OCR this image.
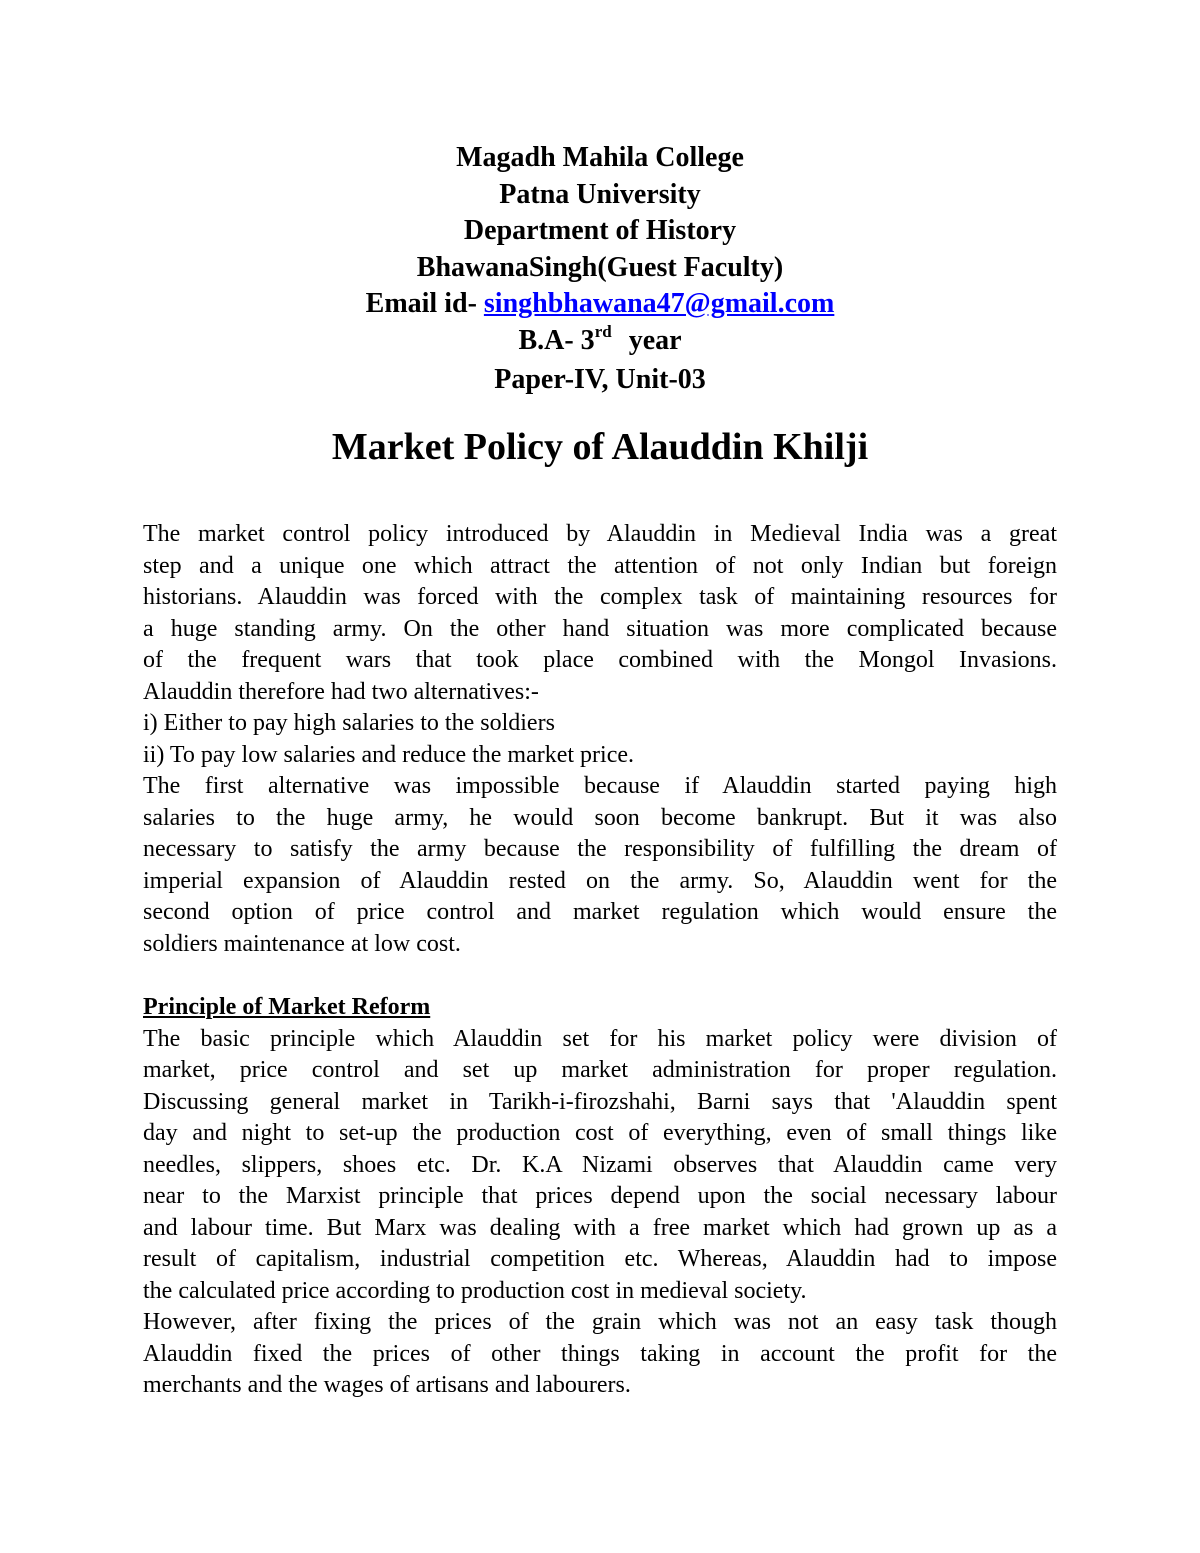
Magadh Mahila College
Patna University
Department of History
BhawanaSingh(Guest Faculty)
Email id- singhbhawana47@gmail.com
B.A- 3rd year
Paper-IV, Unit-03
Market Policy of Alauddin Khilji
The market control policy introduced by Alauddin in Medieval India was a great
step and a unique one which attract the attention of not only Indian but foreign
historians. Alauddin was forced with the complex task of maintaining resources for
a huge standing army. On the other hand situation was more complicated because
of the frequent wars that took place combined with the Mongol Invasions.
Alauddin therefore had two alternatives:-
i) Either to pay high salaries to the soldiers
ii) To pay low salaries and reduce the market price.
The first alternative was impossible because if Alauddin started paying high
salaries to the huge army, he would soon become bankrupt. But it was also
necessary to satisfy the army because the responsibility of fulfilling the dream of
imperial expansion of Alauddin rested on the army. So, Alauddin went for the
second option of price control and market regulation which would ensure the
soldiers maintenance at low cost.
Principle of Market Reform
The basic principle which Alauddin set for his market policy were division of
market, price control and set up market administration for proper regulation.
Discussing general market in Tarikh-i-firozshahi, Barni says that 'Alauddin spent
day and night to set-up the production cost of everything, even of small things like
needles, slippers, shoes etc. Dr. K.A Nizami observes that Alauddin came very
near to the Marxist principle that prices depend upon the social necessary labour
and labour time. But Marx was dealing with a free market which had grown up as a
result of capitalism, industrial competition etc. Whereas, Alauddin had to impose
the calculated price according to production cost in medieval society.
However, after fixing the prices of the grain which was not an easy task though
Alauddin fixed the prices of other things taking in account the profit for the
merchants and the wages of artisans and labourers.
